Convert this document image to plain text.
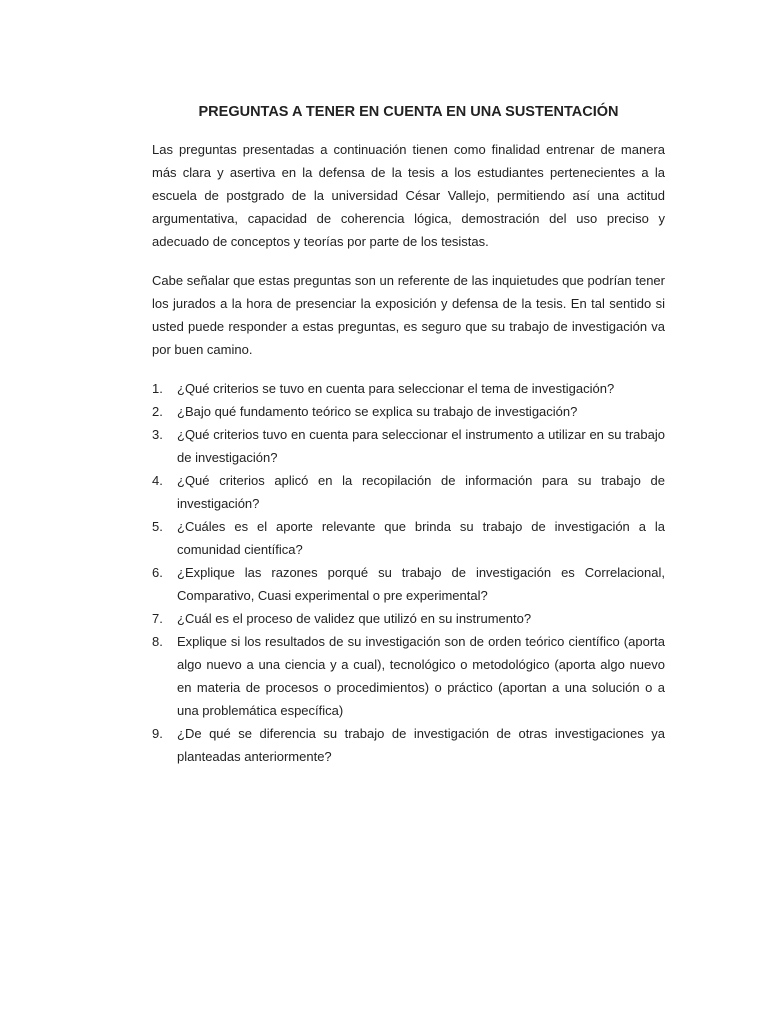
PREGUNTAS A TENER EN CUENTA EN UNA SUSTENTACIÓN

Las preguntas presentadas a continuación tienen como finalidad entrenar de manera más clara y asertiva en la defensa de la tesis a los estudiantes pertenecientes a la escuela de postgrado de la universidad César Vallejo, permitiendo así una actitud argumentativa, capacidad de coherencia lógica, demostración del uso preciso y adecuado de conceptos y teorías por parte de los tesistas.

Cabe señalar que estas preguntas son un referente de las inquietudes que podrían tener los jurados a la hora de presenciar la exposición y defensa de la tesis. En tal sentido si usted puede responder a estas preguntas, es seguro que su trabajo de investigación va por buen camino.

1. ¿Qué criterios se tuvo en cuenta para seleccionar el tema de investigación?
2. ¿Bajo qué fundamento teórico se explica su trabajo de investigación?
3. ¿Qué criterios tuvo en cuenta para seleccionar el instrumento a utilizar en su trabajo de investigación?
4. ¿Qué criterios aplicó en la recopilación de información para su trabajo de investigación?
5. ¿Cuáles es el aporte relevante que brinda su trabajo de investigación a la comunidad científica?
6. ¿Explique las razones porqué su trabajo de investigación es Correlacional, Comparativo, Cuasi experimental o pre experimental?
7. ¿Cuál es el proceso de validez que utilizó en su instrumento?
8. Explique si los resultados de su investigación son de orden teórico científico (aporta algo nuevo a una ciencia y a cual), tecnológico o metodológico (aporta algo nuevo en materia de procesos o procedimientos) o práctico (aportan a una solución o a una problemática específica)
9. ¿De qué se diferencia su trabajo de investigación de otras investigaciones ya planteadas anteriormente?
